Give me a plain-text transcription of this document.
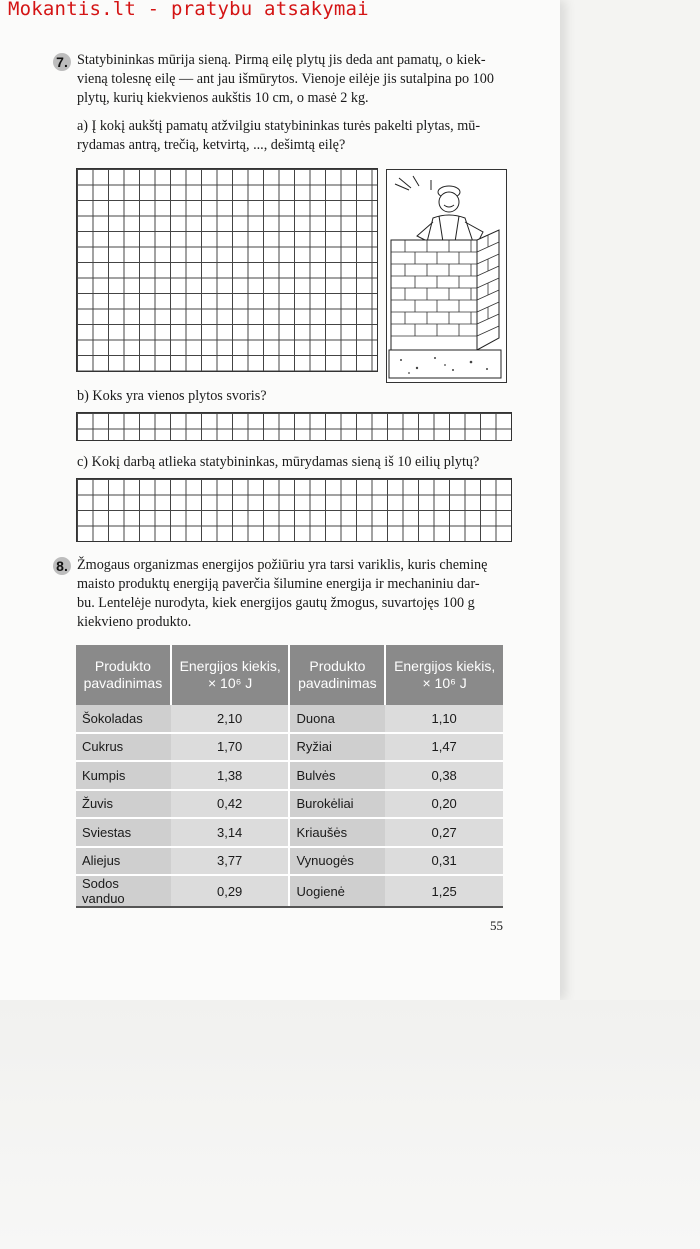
Mokantis.lt - pratybu atsakymai
7. Statybininkas mūrija sieną. Pirmą eilę plytų jis deda ant pamatų, o kiek-
vieną tolesnę eilę — ant jau išmūrytos. Vienoje eilėje jis sutalpina po 100
plytų, kurių kiekvienos aukštis 10 cm, o masė 2 kg.
a) Į kokį aukštį pamatų atžvilgiu statybininkas turės pakelti plytas, mū-
rydamas antrą, trečią, ketvirtą, ..., dešimtą eilę?
b) Koks yra vienos plytos svoris?
c) Kokį darbą atlieka statybininkas, mūrydamas sieną iš 10 eilių plytų?
8. Žmogaus organizmas energijos požiūriu yra tarsi variklis, kuris cheminę
maisto produktų energiją paverčia šilumine energija ir mechaniniu dar-
bu. Lentelėje nurodyta, kiek energijos gautų žmogus, suvartojęs 100 g
kiekvieno produkto.
Produkto pavadinimas	Energijos kiekis, × 10⁶ J	Produkto pavadinimas	Energijos kiekis, × 10⁶ J
Šokoladas	2,10	Duona	1,10
Cukrus	1,70	Ryžiai	1,47
Kumpis	1,38	Bulvės	0,38
Žuvis	0,42	Burokėliai	0,20
Sviestas	3,14	Kriaušės	0,27
Aliejus	3,77	Vynuogės	0,31
Sodos vanduo	0,29	Uogienė	1,25
55
